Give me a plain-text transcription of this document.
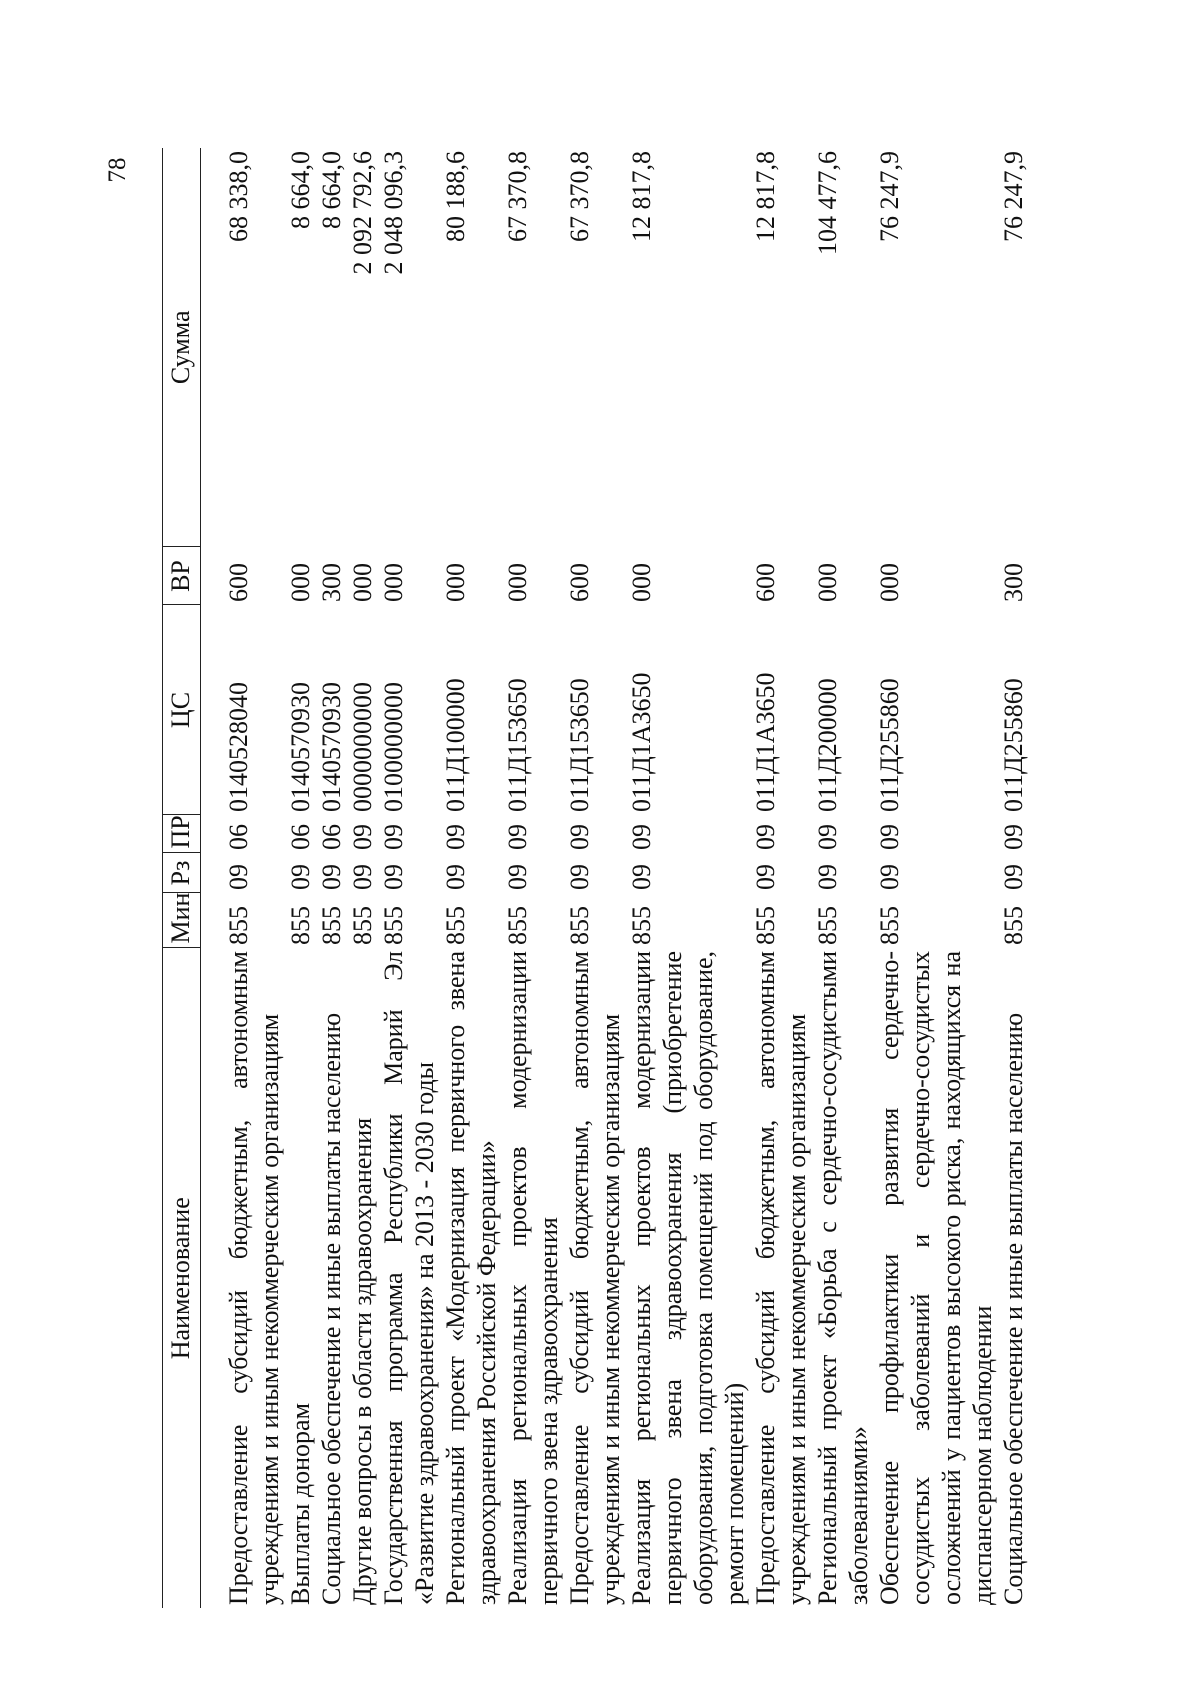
78
Наименование	Мин	Рз	ПР	ЦС	ВР	Сумма
Предоставление субсидий бюджетным, автономным учреждениям и иным некоммерческим организациям	855	09	06	0140528040	600	68 338,0
Выплаты донорам	855	09	06	0140570930	000	8 664,0
Социальное обеспечение и иные выплаты населению	855	09	06	0140570930	300	8 664,0
Другие вопросы в области здравоохранения	855	09	09	0000000000	000	2 092 792,6
Государственная программа Республики Марий Эл «Развитие здравоохранения» на 2013 - 2030 годы	855	09	09	0100000000	000	2 048 096,3
Региональный проект «Модернизация первичного звена здравоохранения Российской Федерации»	855	09	09	011Д100000	000	80 188,6
Реализация региональных проектов модернизации первичного звена здравоохранения	855	09	09	011Д153650	000	67 370,8
Предоставление субсидий бюджетным, автономным учреждениям и иным некоммерческим организациям	855	09	09	011Д153650	600	67 370,8
Реализация региональных проектов модернизации первичного звена здравоохранения (приобретение оборудования, подготовка помещений под оборудование, ремонт помещений)	855	09	09	011Д1А3650	000	12 817,8
Предоставление субсидий бюджетным, автономным учреждениям и иным некоммерческим организациям	855	09	09	011Д1А3650	600	12 817,8
Региональный проект «Борьба с сердечно-сосудистыми заболеваниями»	855	09	09	011Д200000	000	104 477,6
Обеспечение профилактики развития сердечно-сосудистых заболеваний и сердечно-сосудистых осложнений у пациентов высокого риска, находящихся на диспансерном наблюдении	855	09	09	011Д255860	000	76 247,9
Социальное обеспечение и иные выплаты населению	855	09	09	011Д255860	300	76 247,9
